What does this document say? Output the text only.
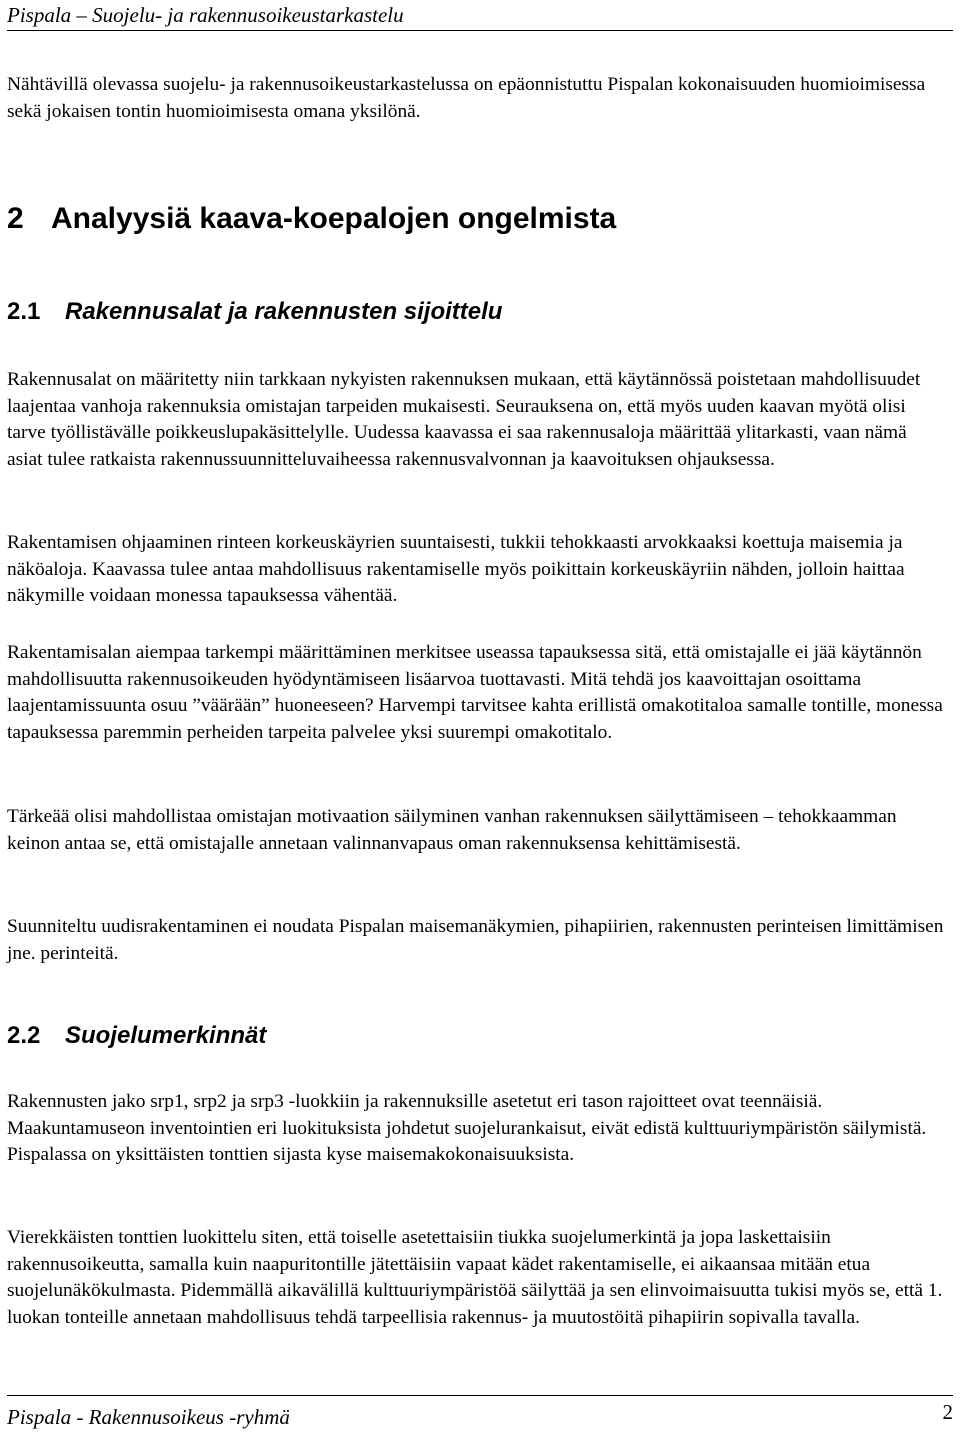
Pispala – Suojelu- ja rakennusoikeustarkastelu

Nähtävillä olevassa suojelu- ja rakennusoikeustarkastelussa on epäonnistuttu Pispalan kokonaisuuden huomioimisessa sekä jokaisen tontin huomioimisesta omana yksilönä.

2 Analyysiä kaava-koepalojen ongelmista
2.1 Rakennusalat ja rakennusten sijoittelu

Rakennusalat on määritetty niin tarkkaan nykyisten rakennuksen mukaan, että käytännössä poistetaan mahdollisuudet laajentaa vanhoja rakennuksia omistajan tarpeiden mukaisesti. Seurauksena on, että myös uuden kaavan myötä olisi tarve työllistävälle poikkeuslupakäsittelylle. Uudessa kaavassa ei saa rakennusaloja määrittää ylitarkasti, vaan nämä asiat tulee ratkaista rakennussuunnitteluvaiheessa rakennusvalvonnan ja kaavoituksen ohjauksessa.

Rakentamisen ohjaaminen rinteen korkeuskäyrien suuntaisesti, tukkii tehokkaasti arvokkaaksi koettuja maisemia ja näköaloja. Kaavassa tulee antaa mahdollisuus rakentamiselle myös poikittain korkeuskäyriin nähden, jolloin haittaa näkymille voidaan monessa tapauksessa vähentää.

Rakentamisalan aiempaa tarkempi määrittäminen merkitsee useassa tapauksessa sitä, että omistajalle ei jää käytännön mahdollisuutta rakennusoikeuden hyödyntämiseen lisäarvoa tuottavasti. Mitä tehdä jos kaavoittajan osoittama laajentamissuunta osuu ”väärään” huoneeseen? Harvempi tarvitsee kahta erillistä omakotitaloa samalle tontille, monessa tapauksessa paremmin perheiden tarpeita palvelee yksi suurempi omakotitalo.

Tärkeää olisi mahdollistaa omistajan motivaation säilyminen vanhan rakennuksen säilyttämiseen – tehokkaamman keinon antaa se, että omistajalle annetaan valinnanvapaus oman rakennuksensa kehittämisestä.

Suunniteltu uudisrakentaminen ei noudata Pispalan maisemanäkymien, pihapiirien, rakennusten perinteisen limittämisen jne. perinteitä.

2.2 Suojelumerkinnät

Rakennusten jako srp1, srp2 ja srp3 -luokkiin ja rakennuksille asetetut eri tason rajoitteet ovat teennäisiä. Maakuntamuseon inventointien eri luokituksista johdetut suojelurankaisut, eivät edistä kulttuuriympäristön säilymistä. Pispalassa on yksittäisten tonttien sijasta kyse maisemakokonaisuuksista.

Vierekkäisten tonttien luokittelu siten, että toiselle asetettaisiin tiukka suojelumerkintä ja jopa laskettaisiin rakennusoikeutta, samalla kuin naapuritontille jätettäisiin vapaat kädet rakentamiselle, ei aikaansaa mitään etua suojelunäkökulmasta. Pidemmällä aikavälillä kulttuuriympäristöä säilyttää ja sen elinvoimaisuutta tukisi myös se, että 1. luokan tonteille annetaan mahdollisuus tehdä tarpeellisia rakennus- ja muutostöitä pihapiirin sopivalla tavalla.

Pispala - Rakennusoikeus -ryhmä	2
